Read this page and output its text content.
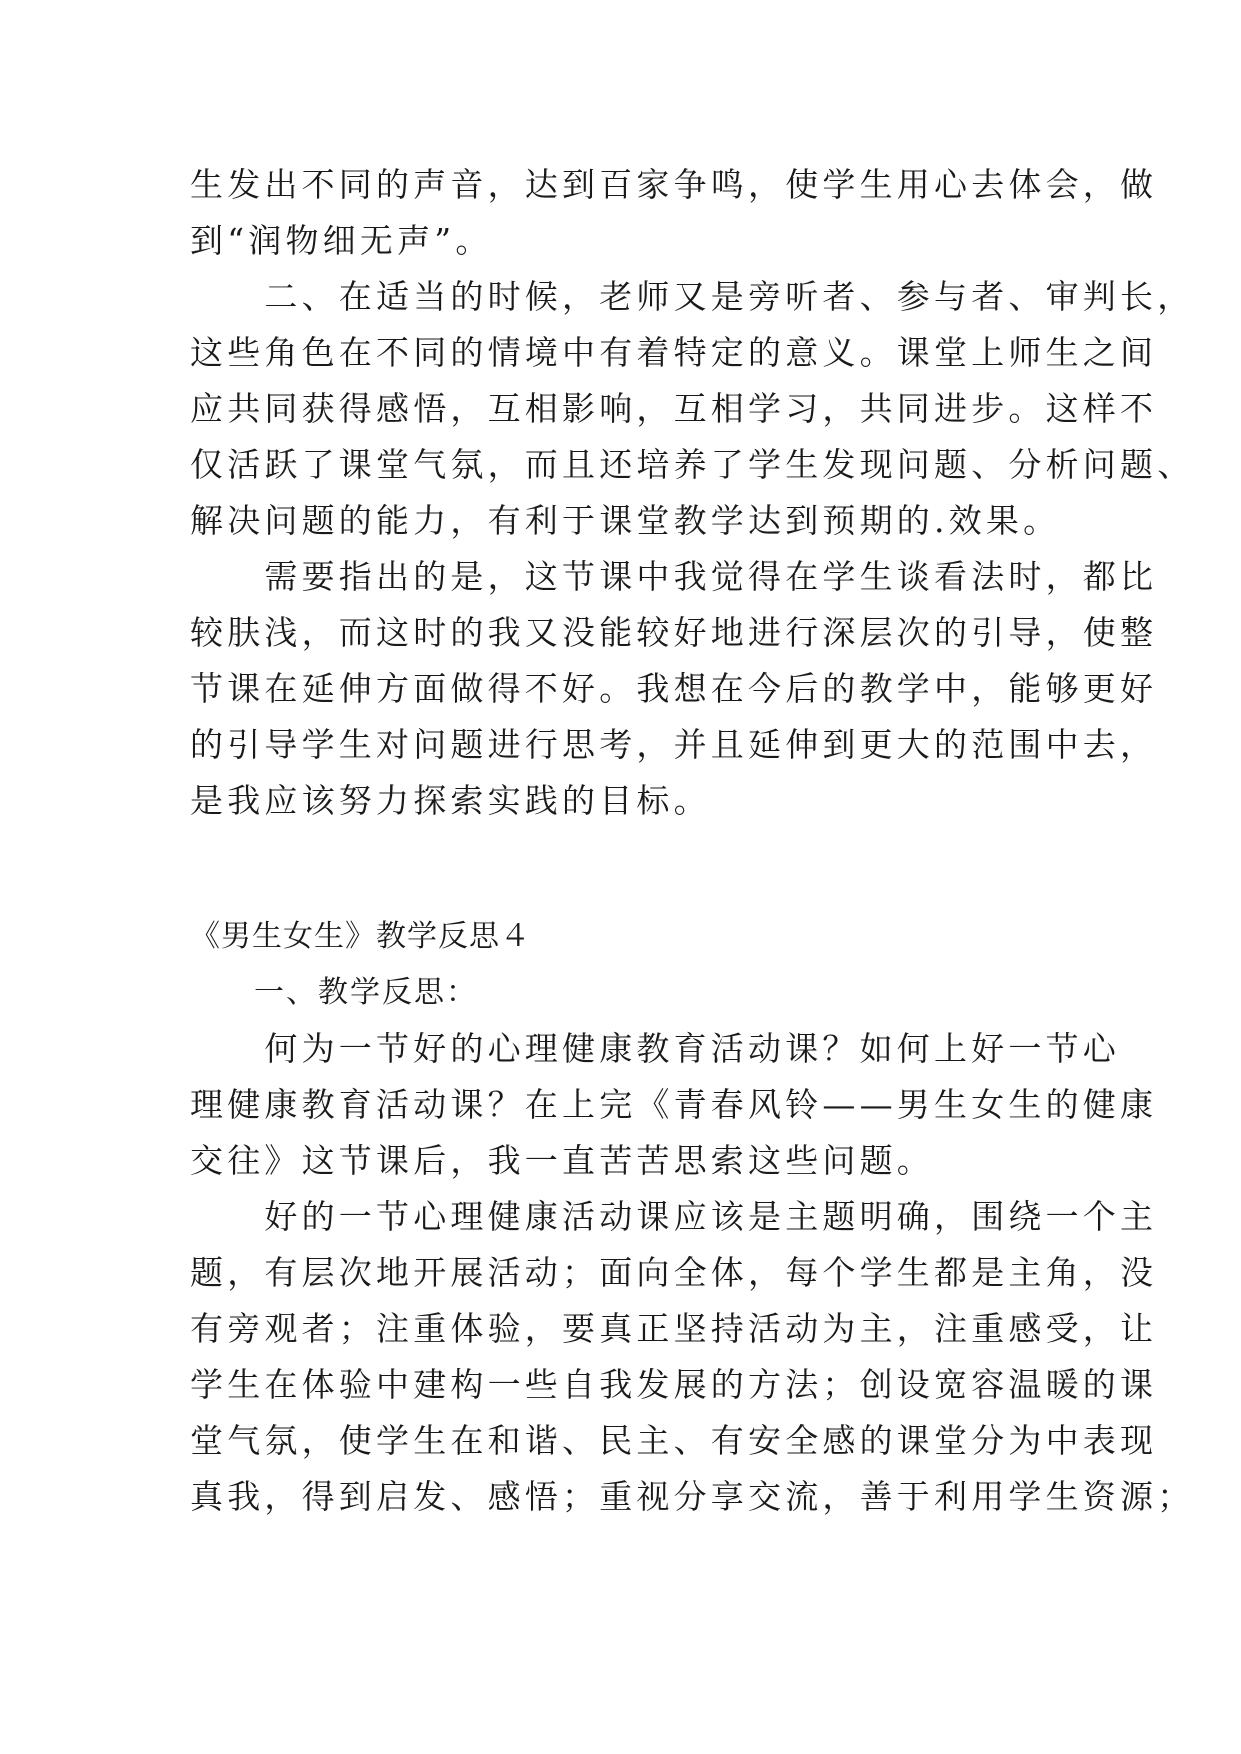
生发出不同的声音，达到百家争鸣，使学生用心去体会，做
到“润物细无声”。
　　二、在适当的时候，老师又是旁听者、参与者、审判长，
这些角色在不同的情境中有着特定的意义。课堂上师生之间
应共同获得感悟，互相影响，互相学习，共同进步。这样不
仅活跃了课堂气氛，而且还培养了学生发现问题、分析问题、
解决问题的能力，有利于课堂教学达到预期的.效果。
　　需要指出的是，这节课中我觉得在学生谈看法时，都比
较肤浅，而这时的我又没能较好地进行深层次的引导，使整
节课在延伸方面做得不好。我想在今后的教学中，能够更好
的引导学生对问题进行思考，并且延伸到更大的范围中去，
是我应该努力探索实践的目标。
《男生女生》教学反思４
一、教学反思：
　　何为一节好的心理健康教育活动课？如何上好一节心
理健康教育活动课？在上完《青春风铃——男生女生的健康
交往》这节课后，我一直苦苦思索这些问题。
　　好的一节心理健康活动课应该是主题明确，围绕一个主
题，有层次地开展活动；面向全体，每个学生都是主角，没
有旁观者；注重体验，要真正坚持活动为主，注重感受，让
学生在体验中建构一些自我发展的方法；创设宽容温暖的课
堂气氛，使学生在和谐、民主、有安全感的课堂分为中表现
真我，得到启发、感悟；重视分享交流，善于利用学生资源；
